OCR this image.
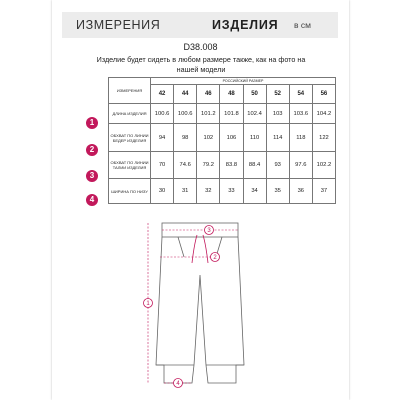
ИЗМЕРЕНИЯ	ИЗДЕЛИЯ в см
D38.008
Изделие будет сидеть в любом размере также, как на фото на нашей модели
ИЗМЕРЕНИЯ	РОССИЙСКИЙ РАЗМЕР							
	42	44	46	48	50	52	54	56
ДЛИНА ИЗДЕЛИЯ	100.6	100.6	101.2	101.8	102.4	103	103.6	104.2
ОБХВАТ ПО ЛИНИИ БЕДЕР ИЗДЕЛИЯ	94	98	102	106	110	114	118	122
ОБХВАТ ПО ЛИНИИ ТАЛИИ ИЗДЕЛИЯ	70	74.6	79.2	83.8	88.4	93	97.6	102.2
ШИРИНА ПО НИЗУ	30	31	32	33	34	35	36	37
1
2
3
4
1
2
3
4
